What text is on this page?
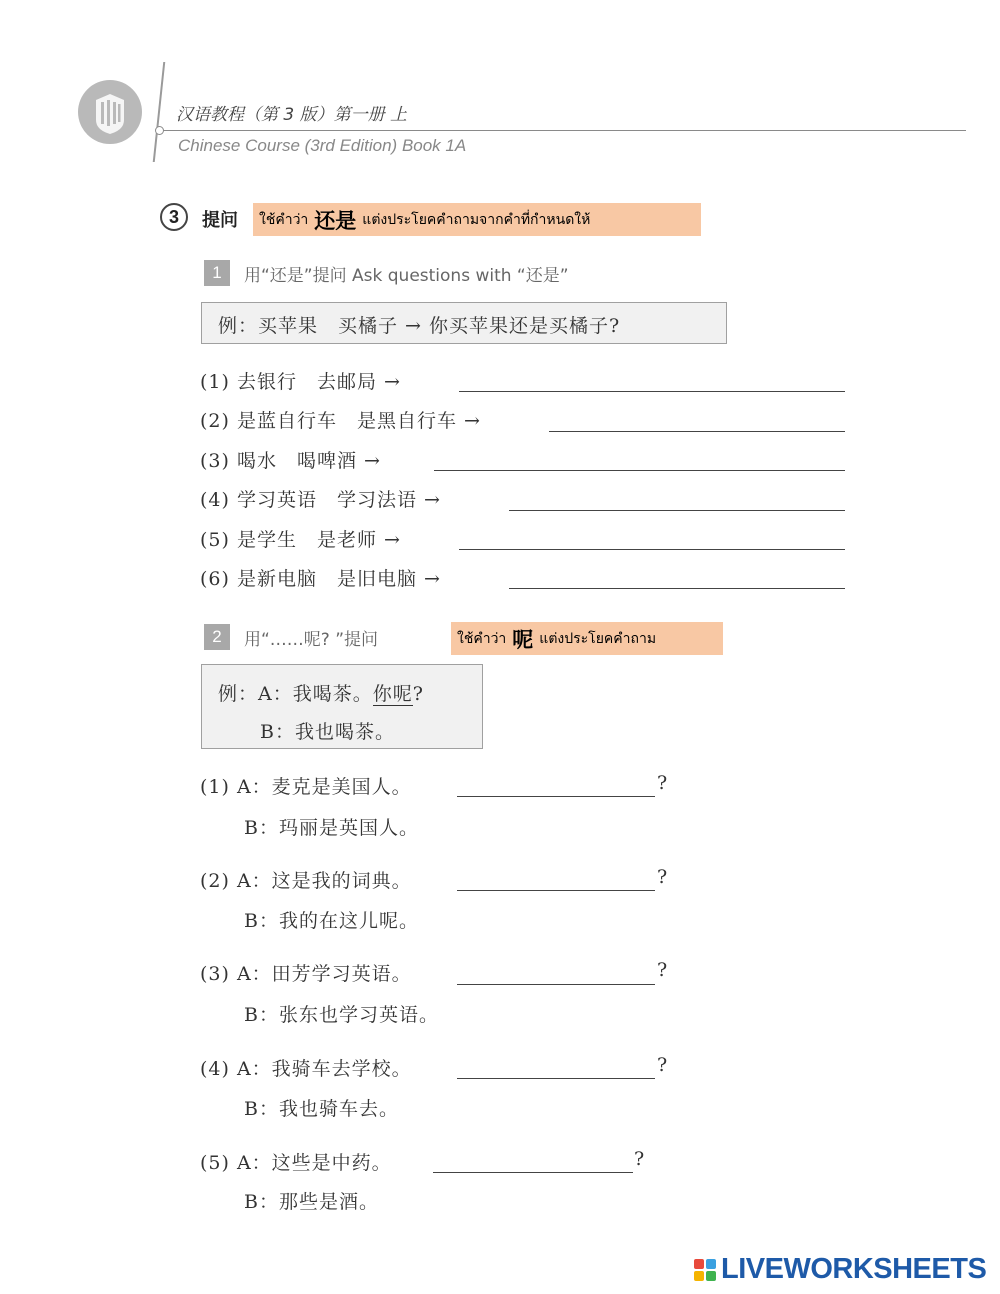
汉语教程（第 3 版）第一册 上
Chinese Course (3rd Edition) Book 1A
3	提问 ใช้คำว่า 还是 แต่งประโยคคำถามจากคำที่กำหนดให้
1	用“还是”提问 Ask questions with “还是”
例：买苹果　买橘子 → 你买苹果还是买橘子?
(1) 去银行　去邮局 →
(2) 是蓝自行车　是黑自行车 →
(3) 喝水　喝啤酒 →
(4) 学习英语　学习法语 →
(5) 是学生　是老师 →
(6) 是新电脑　是旧电脑 →
2	用“……呢? ”提问	ใช้คำว่า 呢 แต่งประโยคคำถาม
例：A：我喝茶。你呢?
B：我也喝茶。
(1) A：麦克是美国人。	?
B：玛丽是英国人。
(2) A：这是我的词典。	?
B：我的在这儿呢。
(3) A：田芳学习英语。	?
B：张东也学习英语。
(4) A：我骑车去学校。	?
B：我也骑车去。
(5) A：这些是中药。	?
B：那些是酒。
LIVEWORKSHEETS
